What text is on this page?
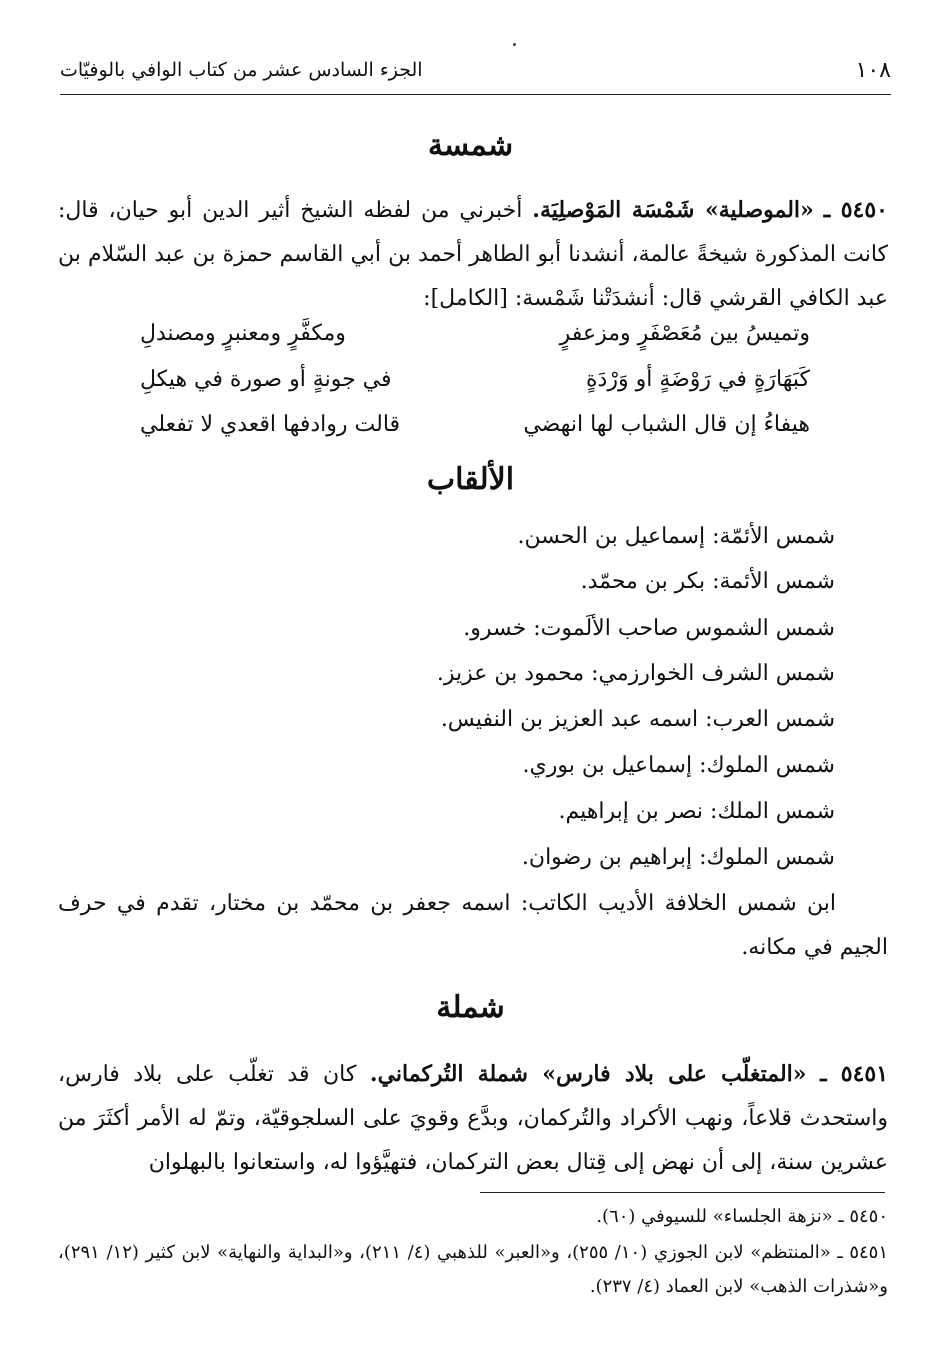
١٠٨
الجزء السادس عشر من كتاب الوافي بالوفيّات
شمسة
٥٤٥٠ ـ «الموصلية» شَمْسَة المَوْصلِيَة. أخبرني من لفظه الشيخ أثير الدين أبو حيان، قال: كانت المذكورة شيخةً عالمة، أنشدنا أبو الطاهر أحمد بن أبي القاسم حمزة بن عبد السّلام بن عبد الكافي القرشي قال: أنشدَتْنا شَمْسة: [الكامل]:
وتميسُ بين مُعَصْفَرٍ ومزعفرٍ
ومكفَّرٍ ومعنبرٍ ومصندلِ
كَبَهَارَةٍ في رَوْضَةٍ أو وَرْدَةٍ
في جونةٍ أو صورة في هيكلِ
هيفاءُ إن قال الشباب لها انهضي
قالت روادفها اقعدي لا تفعلي
الألقاب
شمس الأئمّة: إسماعيل بن الحسن.
شمس الأئمة: بكر بن محمّد.
شمس الشموس صاحب الألَموت: خسرو.
شمس الشرف الخوارزمي: محمود بن عزيز.
شمس العرب: اسمه عبد العزيز بن النفيس.
شمس الملوك: إسماعيل بن بوري.
شمس الملك: نصر بن إبراهيم.
شمس الملوك: إبراهيم بن رضوان.
ابن شمس الخلافة الأديب الكاتب: اسمه جعفر بن محمّد بن مختار، تقدم في حرف الجيم في مكانه.
شملة
٥٤٥١ ـ «المتغلّب على بلاد فارس» شملة التُركماني. كان قد تغلّب على بلاد فارس، واستحدث قلاعاً، ونهب الأكراد والتُركمان، وبدَّع وقويَ على السلجوقيّة، وتمّ له الأمر أكثَرَ من عشرين سنة، إلى أن نهض إلى قِتال بعض التركمان، فتهيَّؤوا له، واستعانوا بالبهلوان
٥٤٥٠ ـ «نزهة الجلساء» للسيوفي (٦٠).
٥٤٥١ ـ «المنتظم» لابن الجوزي (١٠/ ٢٥٥)، و«العبر» للذهبي (٤/ ٢١١)، و«البداية والنهاية» لابن كثير (١٢/ ٢٩١)، و«شذرات الذهب» لابن العماد (٤/ ٢٣٧).
